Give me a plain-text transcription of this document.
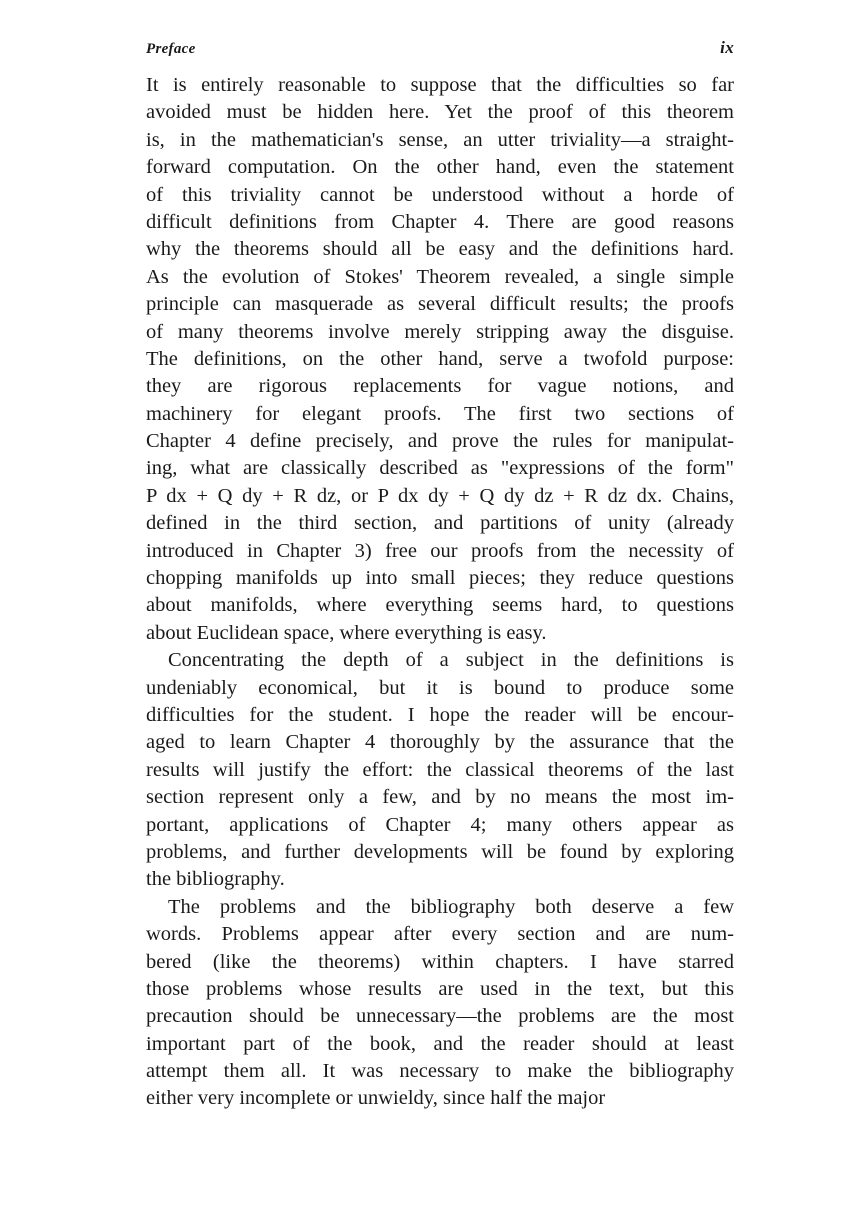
Preface	ix
It is entirely reasonable to suppose that the difficulties so far
avoided must be hidden here. Yet the proof of this theorem
is, in the mathematician's sense, an utter triviality—a straight-
forward computation. On the other hand, even the statement
of this triviality cannot be understood without a horde of
difficult definitions from Chapter 4. There are good reasons
why the theorems should all be easy and the definitions hard.
As the evolution of Stokes' Theorem revealed, a single simple
principle can masquerade as several difficult results; the proofs
of many theorems involve merely stripping away the disguise.
The definitions, on the other hand, serve a twofold purpose:
they are rigorous replacements for vague notions, and
machinery for elegant proofs. The first two sections of
Chapter 4 define precisely, and prove the rules for manipulat-
ing, what are classically described as "expressions of the form"
P dx + Q dy + R dz, or P dx dy + Q dy dz + R dz dx. Chains,
defined in the third section, and partitions of unity (already
introduced in Chapter 3) free our proofs from the necessity of
chopping manifolds up into small pieces; they reduce questions
about manifolds, where everything seems hard, to questions
about Euclidean space, where everything is easy.
Concentrating the depth of a subject in the definitions is
undeniably economical, but it is bound to produce some
difficulties for the student. I hope the reader will be encour-
aged to learn Chapter 4 thoroughly by the assurance that the
results will justify the effort: the classical theorems of the last
section represent only a few, and by no means the most im-
portant, applications of Chapter 4; many others appear as
problems, and further developments will be found by exploring
the bibliography.
The problems and the bibliography both deserve a few
words. Problems appear after every section and are num-
bered (like the theorems) within chapters. I have starred
those problems whose results are used in the text, but this
precaution should be unnecessary—the problems are the most
important part of the book, and the reader should at least
attempt them all. It was necessary to make the bibliography
either very incomplete or unwieldy, since half the major
